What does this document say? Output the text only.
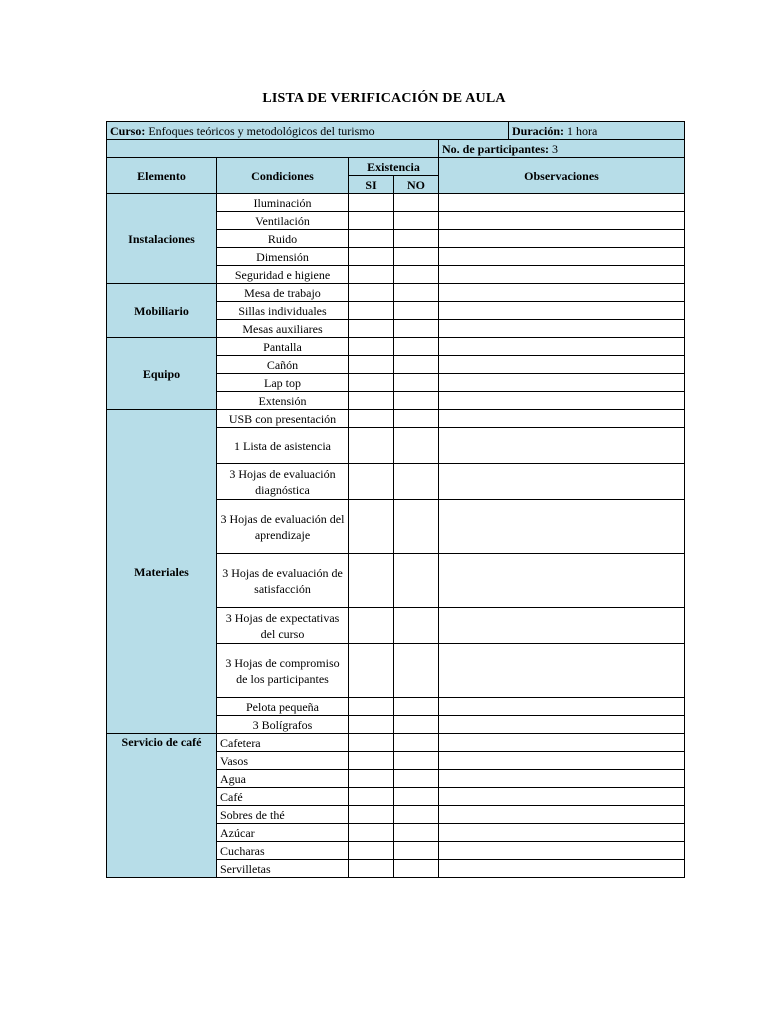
LISTA DE VERIFICACIÓN DE AULA
Curso: Enfoques teóricos y metodológicos del turismo					Duración: 1 hora
				No. de participantes: 3	
Elemento	Condiciones	Existencia		Observaciones	
		SI	NO		
Instalaciones	Iluminación				
	Ventilación				
	Ruido				
	Dimensión				
	Seguridad e higiene				
Mobiliario	Mesa de trabajo				
	Sillas individuales				
	Mesas auxiliares				
Equipo	Pantalla				
	Cañón				
	Lap top				
	Extensión				
Materiales	USB con presentación				
	1 Lista de asistencia				
	3 Hojas de evaluación diagnóstica				
	3 Hojas de evaluación del aprendizaje				
	3 Hojas de evaluación de satisfacción				
	3 Hojas de expectativas del curso				
	3 Hojas de compromiso de los participantes				
	Pelota pequeña				
	3 Bolígrafos				
Servicio de café	Cafetera				
	Vasos				
	Agua				
	Café				
	Sobres de thé				
	Azúcar				
	Cucharas				
	Servilletas				
